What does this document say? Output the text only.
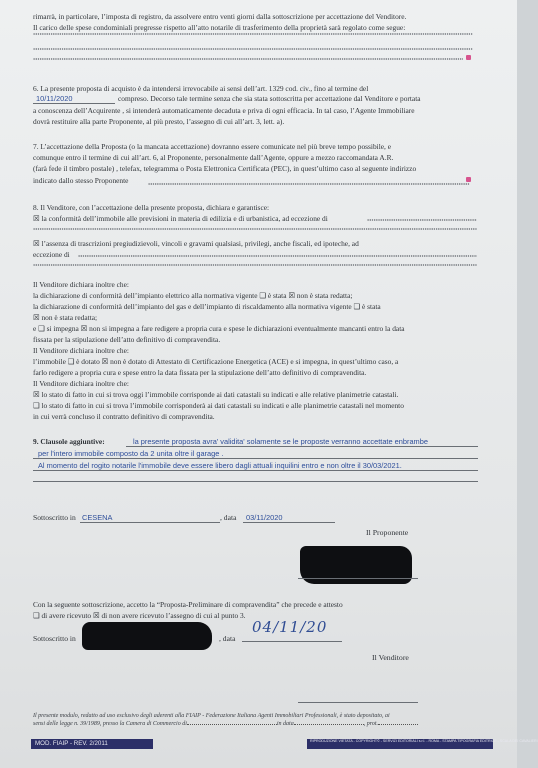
rimarrà, in particolare, l’imposta di registro, da assolvere entro venti giorni dalla sottoscrizione per accettazione del Venditore.

Il carico delle spese condominiali pregresse rispetto all’atto notarile di trasferimento della proprietà sarà regolato come segue:

6. La presente proposta di acquisto è da intendersi irrevocabile ai sensi dell’art. 1329 cod. civ., fino al termine del

10/11/2020	compreso. Decorso tale termine senza che sia stata sottoscritta per accettazione dal Venditore e portata

a conoscenza dell’Acquirente , si intenderà automaticamente decaduta e priva di ogni efficacia. In tal caso, l’Agente Immobiliare

dovrà restituire alla parte Proponente, al più presto, l’assegno di cui all’art. 3, lett. a).

7. L’accettazione della Proposta (o la mancata accettazione) dovranno essere comunicate nel più breve tempo possibile, e

comunque entro il termine di cui all’art. 6, al Proponente, personalmente dall’Agente, oppure a mezzo raccomandata A.R.

(farà fede il timbro postale) , telefax, telegramma o Posta Elettronica Certificata (PEC), in quest’ultimo caso al seguente indirizzo

indicato dallo stesso Proponente

8. Il Venditore, con l’accettazione della presente proposta, dichiara e garantisce:

☒ la conformità dell’immobile alle previsioni in materia di edilizia e di urbanistica, ad eccezione di

☒ l’assenza di trascrizioni pregiudizievoli, vincoli e gravami qualsiasi, privilegi, anche fiscali, ed ipoteche, ad

eccezione di

Il Venditore dichiara inoltre che:

la dichiarazione di conformità dell’impianto elettrico alla normativa vigente ❑ è stata ☒ non è stata redatta;

la dichiarazione di conformità dell’impianto del gas e dell’impianto di riscaldamento alla normativa vigente ❑ è stata

☒ non è stata redatta;

e ❑ si impegna ☒ non si impegna a fare redigere a propria cura e spese le dichiarazioni eventualmente mancanti entro la data

fissata per la stipulazione dell’atto definitivo di compravendita.

Il Venditore dichiara inoltre che:

l’immobile ❑ è dotato ☒ non è dotato di Attestato di Certificazione Energetica (ACE) e si impegna, in quest’ultimo caso, a

farlo redigere a propria cura e spese entro la data fissata per la stipulazione dell’atto definitivo di compravendita.

Il Venditore dichiara inoltre che:

☒ lo stato di fatto in cui si trova oggi l’immobile corrisponde ai dati catastali su indicati e alle relative planimetrie catastali.

❑ lo stato di fatto in cui si trova l’immobile corrisponderà ai dati catastali su indicati e alle planimetrie catastali nel momento

in cui verrà concluso il contratto definitivo di compravendita.

9. Clausole aggiuntive:	la presente proposta avra' validita' solamente se le proposte verranno accettate enbrambe
per l'intero immobile composto da 2 unita oltre il garage .
Al momento del rogito notarile l'immobile deve essere libero dagli attuali inquilini entro e non oltre il 30/03/2021.
Sottoscritto in CESENA	, data 03/11/2020
Il Proponente

Con la seguente sottoscrizione, accetto la “Proposta-Preliminare di compravendita” che precede e attesto

❑ di avere ricevuto ☒ di non avere ricevuto l’assegno di cui al punto 3.

Sottoscritto in	, data
04/11/20
Il Venditore
Il presente modulo, redatto ad uso esclusivo degli aderenti alla FIAIP - Federazione Italiana Agenti Immobiliari Professionali, è stato depositato, ai
sensi delle legge n. 39/1989, presso la Camera di Commercio di	in data	, prot.
MOD. FIAIP - REV. 2/2011	RIPRODUZIONE VIETATA - COPYRIGHT© - SERVIZI EDITORIALI s.r.l. - ROMA - STAMPA TIPOGRAFIA EDITRICE - SCALA DEI CAVALIERI
